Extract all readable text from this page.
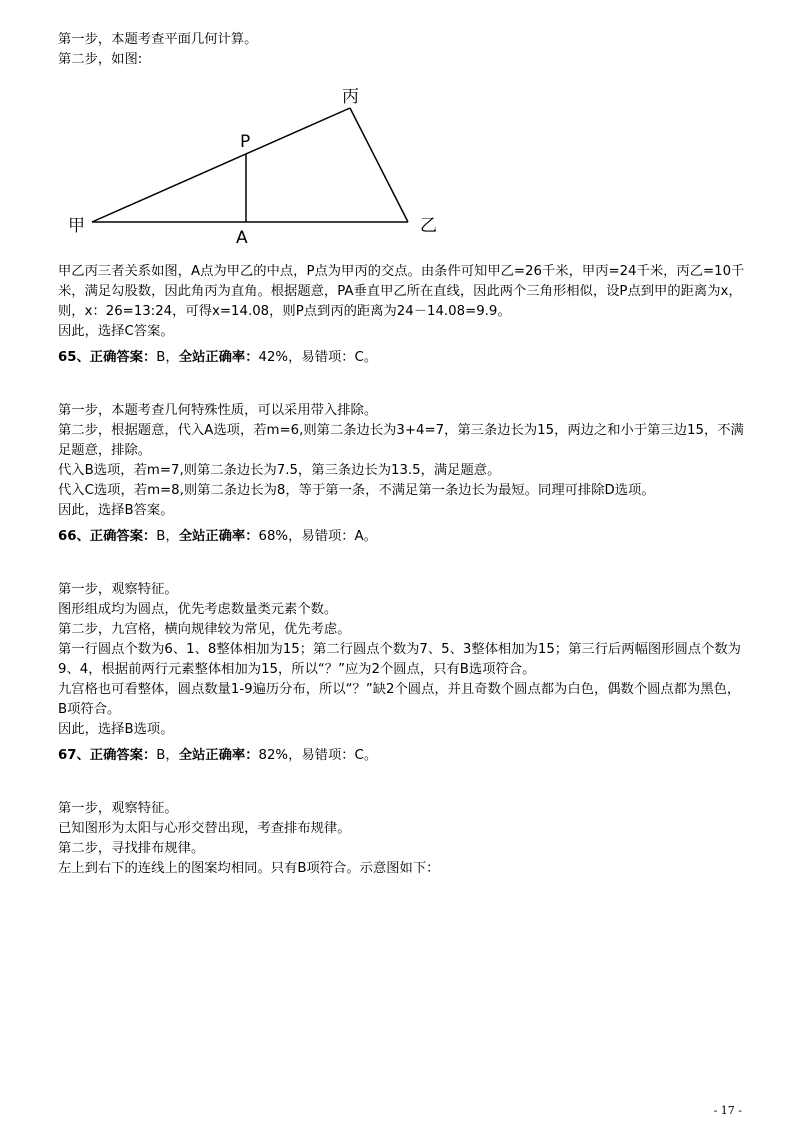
第一步，本题考查平面几何计算。

第二步，如图:

甲乙丙三者关系如图，A点为甲乙的中点，P点为甲丙的交点。由条件可知甲乙=26千米，甲丙=24千米，丙乙=10千米，满足勾股数，因此角丙为直角。根据题意，PA垂直甲乙所在直线，因此两个三角形相似，设P点到甲的距离为x，则，x：26=13:24，可得x=14.08，则P点到丙的距离为24－14.08=9.9。

因此，选择C答案。

65、正确答案：B，全站正确率：42%，易错项：C。

第一步，本题考查几何特殊性质，可以采用带入排除。

第二步，根据题意，代入A选项，若m=6,则第二条边长为3+4=7，第三条边长为15，两边之和小于第三边15，不满足题意，排除。

代入B选项，若m=7,则第二条边长为7.5，第三条边长为13.5，满足题意。

代入C选项，若m=8,则第二条边长为8，等于第一条，不满足第一条边长为最短。同理可排除D选项。

因此，选择B答案。

66、正确答案：B，全站正确率：68%，易错项：A。

第一步，观察特征。

图形组成均为圆点，优先考虑数量类元素个数。

第二步，九宫格，横向规律较为常见，优先考虑。

第一行圆点个数为6、1、8整体相加为15；第二行圆点个数为7、5、3整体相加为15；第三行后两幅图形圆点个数为9、4，根据前两行元素整体相加为15，所以“？”应为2个圆点，只有B选项符合。

九宫格也可看整体，圆点数量1-9遍历分布，所以“？”缺2个圆点，并且奇数个圆点都为白色，偶数个圆点都为黑色，B项符合。

因此，选择B选项。

67、正确答案：B，全站正确率：82%，易错项：C。

第一步，观察特征。

已知图形为太阳与心形交替出现，考查排布规律。

第二步，寻找排布规律。

左上到右下的连线上的图案均相同。只有B项符合。示意图如下：

丙
P
甲
A
乙
- 17 -
